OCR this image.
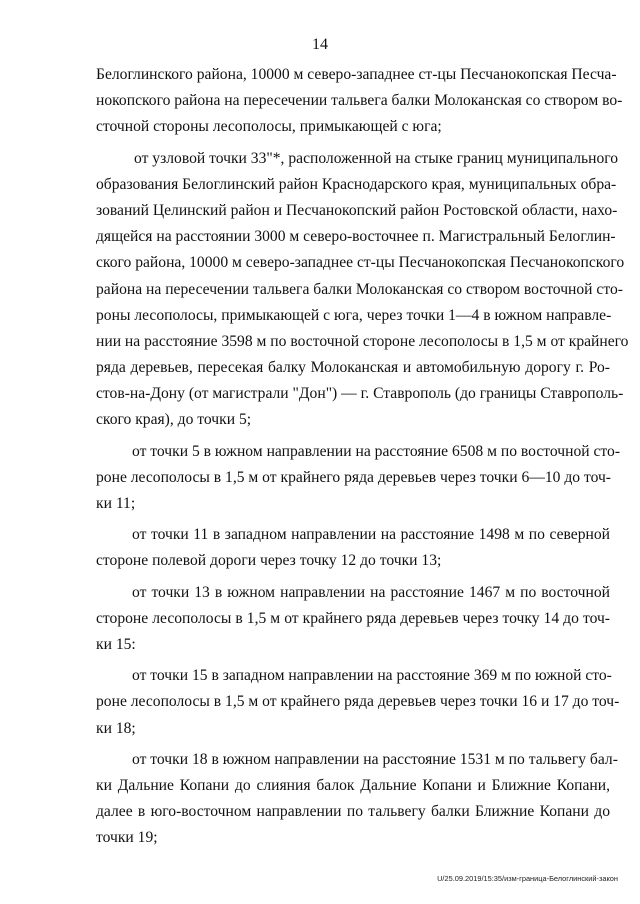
14
Белоглинского района, 10000 м северо-западнее ст-цы Песчанокопская Песча-
нокопского района на пересечении тальвега балки Молоканская со створом во-
сточной стороны лесополосы, примыкающей с юга;
от узловой точки 33"*, расположенной на стыке границ муниципального
образования Белоглинский район Краснодарского края, муниципальных обра-
зований Целинский район и Песчанокопский район Ростовской области, нахо-
дящейся на расстоянии 3000 м северо-восточнее п. Магистральный Белоглин-
ского района, 10000 м северо-западнее ст-цы Песчанокопская Песчанокопского
района на пересечении тальвега балки Молоканская со створом восточной сто-
роны лесополосы, примыкающей с юга, через точки 1—4 в южном направле-
нии на расстояние 3598 м по восточной стороне лесополосы в 1,5 м от крайнего
ряда деревьев, пересекая балку Молоканская и автомобильную дорогу г. Ро-
стов-на-Дону (от магистрали "Дон") — г. Ставрополь (до границы Ставрополь-
ского края), до точки 5;
от точки 5 в южном направлении на расстояние 6508 м по восточной сто-
роне лесополосы в 1,5 м от крайнего ряда деревьев через точки 6—10 до точ-
ки 11;
от точки 11 в западном направлении на расстояние 1498 м по северной
стороне полевой дороги через точку 12 до точки 13;
от точки 13 в южном направлении на расстояние 1467 м по восточной
стороне лесополосы в 1,5 м от крайнего ряда деревьев через точку 14 до точ-
ки 15:
от точки 15 в западном направлении на расстояние 369 м по южной сто-
роне лесополосы в 1,5 м от крайнего ряда деревьев через точки 16 и 17 до точ-
ки 18;
от точки 18 в южном направлении на расстояние 1531 м по тальвегу бал-
ки Дальние Копани до слияния балок Дальние Копани и Ближние Копани,
далее в юго-восточном направлении по тальвегу балки Ближние Копани до
точки 19;
U/25.09.2019/15:35/изм-граница-Белоглинский-закон
